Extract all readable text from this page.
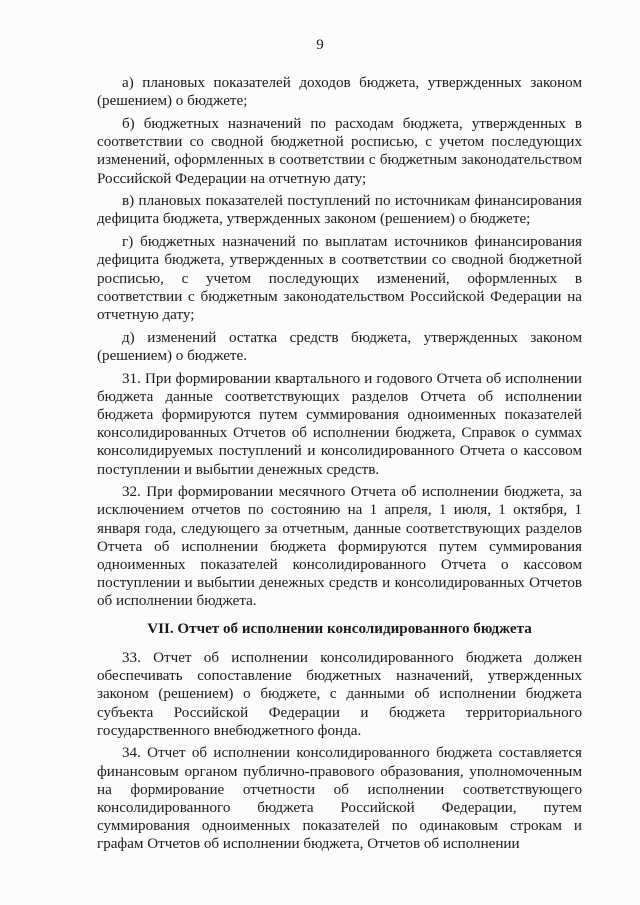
9

а) плановых показателей доходов бюджета, утвержденных законом (решением) о бюджете;

б) бюджетных назначений по расходам бюджета, утвержденных в соответствии со сводной бюджетной росписью, с учетом последующих изменений, оформленных в соответствии с бюджетным законодательством Российской Федерации на отчетную дату;

в) плановых показателей поступлений по источникам финансирования дефицита бюджета, утвержденных законом (решением) о бюджете;

г) бюджетных назначений по выплатам источников финансирования дефицита бюджета, утвержденных в соответствии со сводной бюджетной росписью, с учетом последующих изменений, оформленных в соответствии с бюджетным законодательством Российской Федерации на отчетную дату;

д) изменений остатка средств бюджета, утвержденных законом (решением) о бюджете.

31. При формировании квартального и годового Отчета об исполнении бюджета данные соответствующих разделов Отчета об исполнении бюджета формируются путем суммирования одноименных показателей консолидированных Отчетов об исполнении бюджета, Справок о суммах консолидируемых поступлений и консолидированного Отчета о кассовом поступлении и выбытии денежных средств.

32. При формировании месячного Отчета об исполнении бюджета, за исключением отчетов по состоянию на 1 апреля, 1 июля, 1 октября, 1 января года, следующего за отчетным, данные соответствующих разделов Отчета об исполнении бюджета формируются путем суммирования одноименных показателей консолидированного Отчета о кассовом поступлении и выбытии денежных средств и консолидированных Отчетов об исполнении бюджета.

VII. Отчет об исполнении консолидированного бюджета

33. Отчет об исполнении консолидированного бюджета должен обеспечивать сопоставление бюджетных назначений, утвержденных законом (решением) о бюджете, с данными об исполнении бюджета субъекта Российской Федерации и бюджета территориального государственного внебюджетного фонда.

34. Отчет об исполнении консолидированного бюджета составляется финансовым органом публично-правового образования, уполномоченным на формирование отчетности об исполнении соответствующего консолидированного бюджета Российской Федерации, путем суммирования одноименных показателей по одинаковым строкам и графам Отчетов об исполнении бюджета, Отчетов об исполнении
